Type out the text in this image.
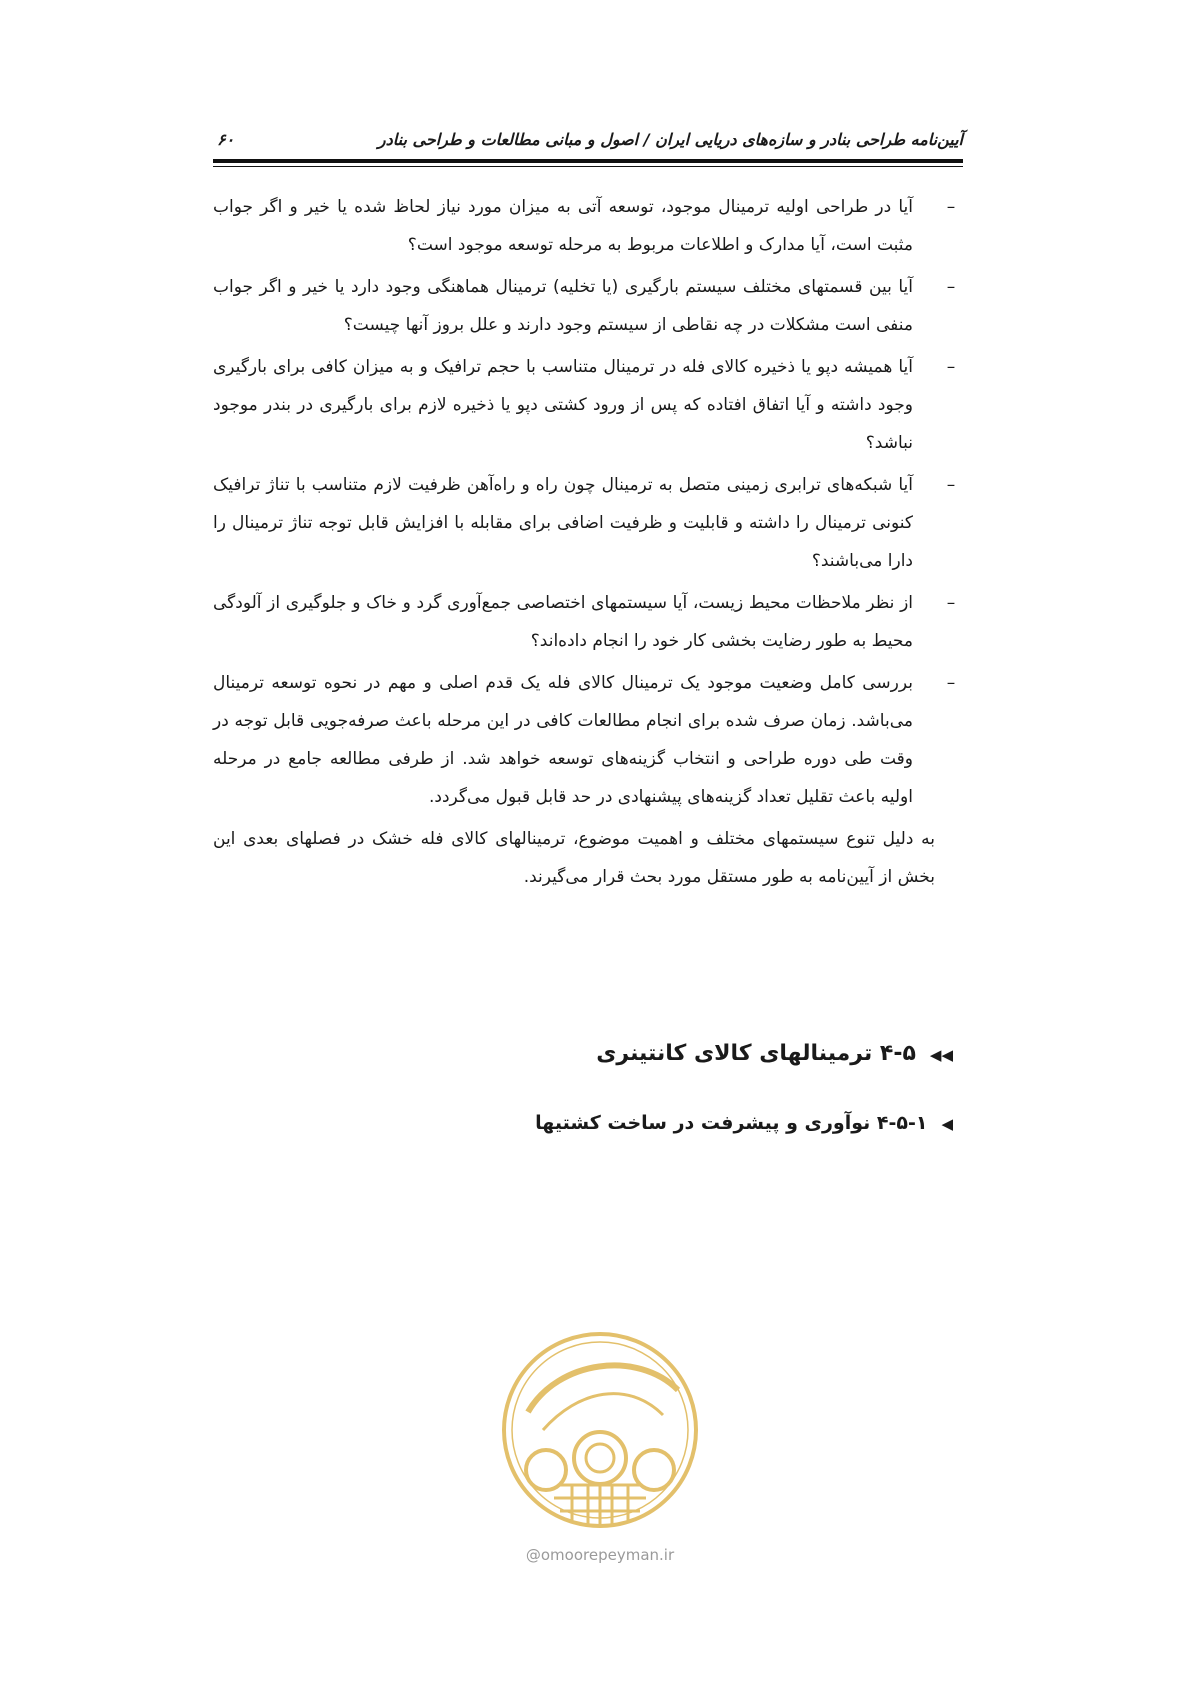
آیین‌نامه طراحی بنادر و سازه‌های دریایی ایران / اصول و مبانی مطالعات و طراحی بنادر
۶۰
–
آیا در طراحی اولیه ترمینال موجود، توسعه آتی به میزان مورد نیاز لحاظ شده یا خیر و اگر جواب مثبت است، آیا مدارک و اطلاعات مربوط به مرحله توسعه موجود است؟
–
آیا بین قسمتهای مختلف سیستم بارگیری (یا تخلیه) ترمینال هماهنگی وجود دارد یا خیر و اگر جواب منفی است مشکلات در چه نقاطی از سیستم وجود دارند و علل بروز آنها چیست؟
–
آیا همیشه دپو یا ذخیره کالای فله در ترمینال متناسب با حجم ترافیک و به میزان کافی برای بارگیری وجود داشته و آیا اتفاق افتاده که پس از ورود کشتی دپو یا ذخیره لازم برای بارگیری در بندر موجود نباشد؟
–
آیا شبکه‌های ترابری زمینی متصل به ترمینال چون راه و راه‌آهن ظرفیت لازم متناسب با تناژ ترافیک کنونی ترمینال را داشته و قابلیت و ظرفیت اضافی برای مقابله با افزایش قابل توجه تناژ ترمینال را دارا می‌باشند؟
–
از نظر ملاحظات محیط زیست، آیا سیستمهای اختصاصی جمع‌آوری گرد و خاک و جلوگیری از آلودگی محیط به طور رضایت بخشی کار خود را انجام داده‌اند؟
–
بررسی کامل وضعیت موجود یک ترمینال کالای فله یک قدم اصلی و مهم در نحوه توسعه ترمینال می‌باشد. زمان صرف شده برای انجام مطالعات کافی در این مرحله باعث صرفه‌جویی قابل توجه در وقت طی دوره طراحی و انتخاب گزینه‌های توسعه خواهد شد. از طرفی مطالعه جامع در مرحله اولیه باعث تقلیل تعداد گزینه‌های پیشنهادی در حد قابل قبول می‌گردد.

به دلیل تنوع سیستمهای مختلف و اهمیت موضوع، ترمینالهای کالای فله خشک در فصلهای بعدی این بخش از آیین‌نامه به طور مستقل مورد بحث قرار می‌گیرند.

◀◀۴-۵ ترمینالهای کالای کانتینری
◀۴-۵-۱ نوآوری و پیشرفت در ساخت کشتیها
@omoorepeyman.ir
